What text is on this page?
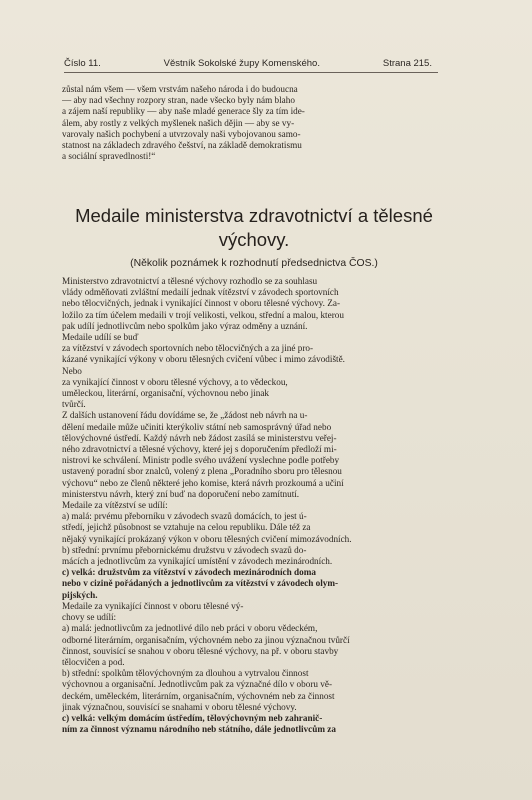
Číslo 11.	Věstník Sokolské župy Komenského.	Strana 215.
zůstal nám všem — všem vrstvám našeho národa i do budoucna
— aby nad všechny rozpory stran, nade všecko byly nám blaho
a zájem naší republiky — aby naše mladé generace šly za tím ide-
álem, aby rostly z velkých myšlenek našich dějin — aby se vy-
varovaly našich pochybení a utvrzovaly naši vybojovanou samo-
statnost na základech zdravého češství, na základě demokratismu
a sociální spravedlnosti!“
Medaile ministerstva zdravotnictví a tělesné
výchovy.
(Několik poznámek k rozhodnutí předsednictva ČOS.)
Ministerstvo zdravotnictví a tělesné výchovy rozhodlo se za souhlasu
vlády odměňovati zvláštní medailí jednak vítězství v závodech sportovních
nebo tělocvičných, jednak i vynikající činnost v oboru tělesné výchovy. Za-
ložilo za tím účelem medaili v trojí velikosti, velkou, střední a malou, kterou
pak udílí jednotlivcům nebo spolkům jako výraz odměny a uznání.
Medaile udílí se buď
za vítězství v závodech sportovních nebo tělocvičných a za jiné pro-
kázané vynikající výkony v oboru tělesných cvičení vůbec i mimo závodiště.
Nebo
za vynikající činnost v oboru tělesné výchovy, a to vědeckou,
uměleckou, literární, organisační, výchovnou nebo jinak
tvůrčí.
Z dalších ustanovení řádu dovídáme se, že „žádost neb návrh na u-
dělení medaile může učiniti kterýkoliv státní neb samosprávný úřad nebo
tělovýchovné ústředí. Každý návrh neb žádost zasílá se ministerstvu veřej-
ného zdravotnictví a tělesné výchovy, které jej s doporučením předloží mi-
nistrovi ke schválení. Ministr podle svého uvážení vyslechne podle potřeby
ustavený poradní sbor znalců, volený z plena „Poradního sboru pro tělesnou
výchovu“ nebo ze členů některé jeho komise, která návrh prozkoumá a učiní
ministerstvu návrh, který zní buď na doporučení nebo zamítnutí.
Medaile za vítězství se udílí:
a) malá: prvému přeborníku v závodech svazů domácích, to jest ú-
středí, jejichž působnost se vztahuje na celou republiku. Dále též za
nějaký vynikající prokázaný výkon v oboru tělesných cvičení mimozávodních.
b) střední: prvnímu přebornickému družstvu v závodech svazů do-
mácích a jednotlivcům za vynikající umístění v závodech mezinárodních.
c) velká: družstvům za vítězství v závodech mezinárodních doma
nebo v cizině pořádaných a jednotlivcům za vítězství v závodech olym-
pijských.
Medaile za vynikající činnost v oboru tělesné vý-
chovy se udílí:
a) malá: jednotlivcům za jednotlivé dílo neb práci v oboru vědeckém,
odborné literárním, organisačním, výchovném nebo za jinou význačnou tvůrčí
činnost, souvisící se snahou v oboru tělesné výchovy, na př. v oboru stavby
tělocvičen a pod.
b) střední: spolkům tělovýchovným za dlouhou a vytrvalou činnost
výchovnou a organisační. Jednotlivcům pak za význačné dílo v oboru vě-
deckém, uměleckém, literárním, organisačním, výchovném neb za činnost
jinak význačnou, souvisící se snahami v oboru tělesné výchovy.
c) velká: velkým domácím ústředím, tělovýchovným neb zahranič-
ním za činnost významu národního neb státního, dále jednotlivcům za
